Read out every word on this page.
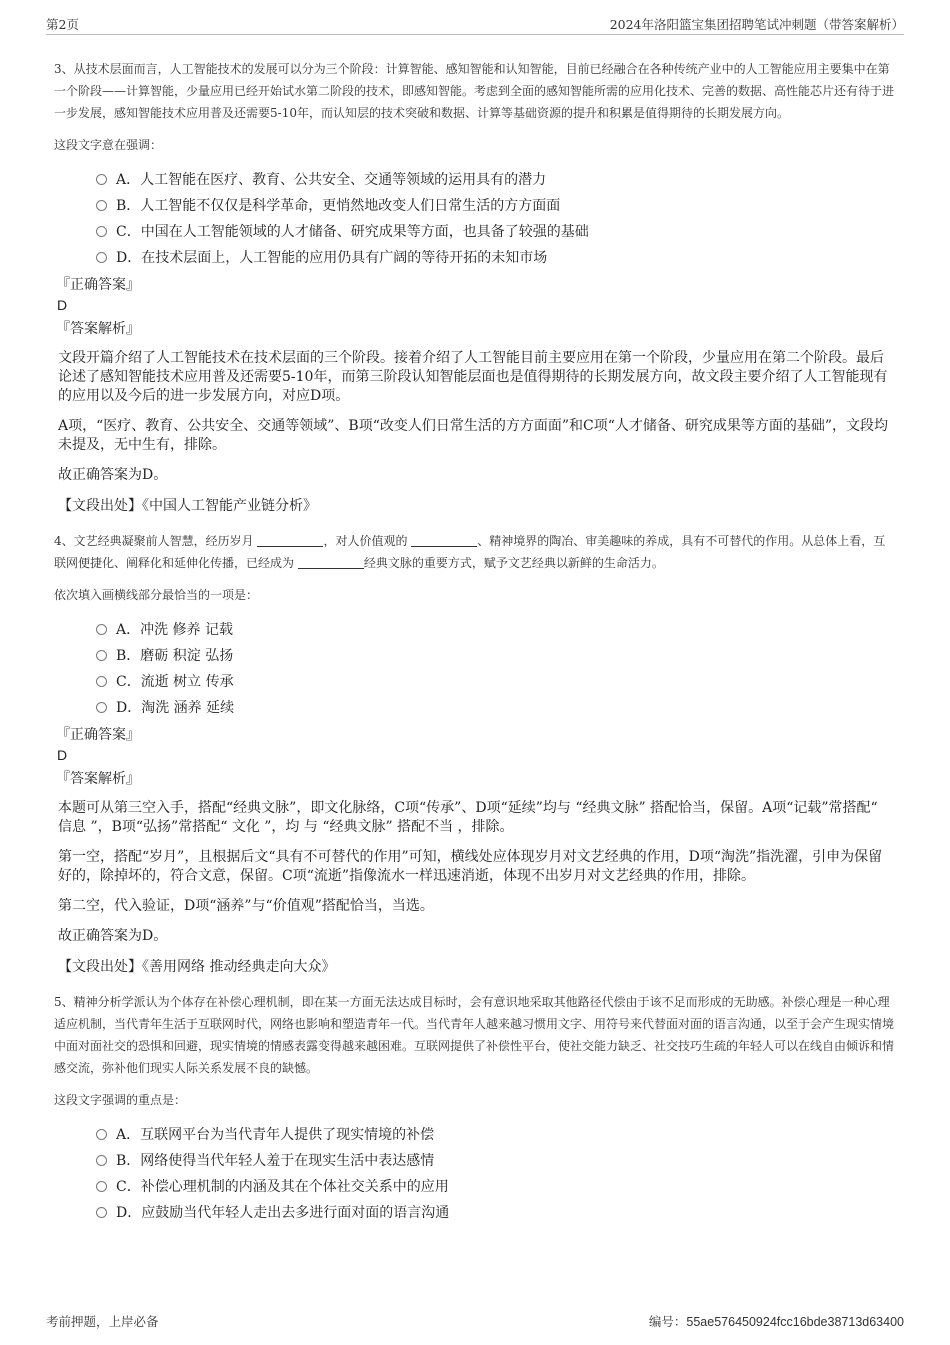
第2页	2024年洛阳篮宝集团招聘笔试冲刺题（带答案解析）

3、从技术层面而言，人工智能技术的发展可以分为三个阶段：计算智能、感知智能和认知智能，目前已经融合在各种传统产业中的人工智能应用主要集中在第一个阶段——计算智能，少量应用已经开始试水第二阶段的技术，即感知智能。考虑到全面的感知智能所需的应用化技术、完善的数据、高性能芯片还有待于进一步发展，感知智能技术应用普及还需要5-10年，而认知层的技术突破和数据、计算等基础资源的提升和积累是值得期待的长期发展方向。

这段文字意在强调：

A．人工智能在医疗、教育、公共安全、交通等领域的运用具有的潜力
B．人工智能不仅仅是科学革命，更悄然地改变人们日常生活的方方面面
C．中国在人工智能领域的人才储备、研究成果等方面，也具备了较强的基础
D．在技术层面上，人工智能的应用仍具有广阔的等待开拓的未知市场
『正确答案』
D
『答案解析』

文段开篇介绍了人工智能技术在技术层面的三个阶段。接着介绍了人工智能目前主要应用在第一个阶段，少量应用在第二个阶段。最后论述了感知智能技术应用普及还需要5-10年，而第三阶段认知智能层面也是值得期待的长期发展方向，故文段主要介绍了人工智能现有的应用以及今后的进一步发展方向，对应D项。

A项，“医疗、教育、公共安全、交通等领域”、B项“改变人们日常生活的方方面面”和C项“人才储备、研究成果等方面的基础”，文段均未提及，无中生有，排除。

故正确答案为D。

【文段出处】《中国人工智能产业链分析》

4、文艺经典凝聚前人智慧，经历岁月	，对人价值观的	、精神境界的陶冶、审美趣味的养成，具有不可替代的作用。从总体上看，互联网便捷化、阐释化和延伸化传播，已经成为	经典文脉的重要方式，赋予文艺经典以新鲜的生命活力。

依次填入画横线部分最恰当的一项是：

A．冲洗 修养 记载
B．磨砺 积淀 弘扬
C．流逝 树立 传承
D．淘洗 涵养 延续
『正确答案』
D
『答案解析』

本题可从第三空入手，搭配“经典文脉”，即文化脉络，C项“传承”、D项“延续”均与 “经典文脉” 搭配恰当，保留。A项“记载”常搭配“ 信息 ”，B项“弘扬”常搭配“ 文化 ”，均 与 “经典文脉” 搭配不当 ，排除。

第一空，搭配“岁月”，且根据后文“具有不可替代的作用”可知，横线处应体现岁月对文艺经典的作用，D项“淘洗”指洗濯，引申为保留好的，除掉坏的，符合文意，保留。C项“流逝”指像流水一样迅速消逝，体现不出岁月对文艺经典的作用，排除。

第二空，代入验证，D项“涵养”与“价值观”搭配恰当，当选。

故正确答案为D。

【文段出处】《善用网络 推动经典走向大众》

5、精神分析学派认为个体存在补偿心理机制，即在某一方面无法达成目标时，会有意识地采取其他路径代偿由于该不足而形成的无助感。补偿心理是一种心理适应机制，当代青年生活于互联网时代，网络也影响和塑造青年一代。当代青年人越来越习惯用文字、用符号来代替面对面的语言沟通，以至于会产生现实情境中面对面社交的恐惧和回避，现实情境的情感表露变得越来越困难。互联网提供了补偿性平台，使社交能力缺乏、社交技巧生疏的年轻人可以在线自由倾诉和情感交流，弥补他们现实人际关系发展不良的缺憾。

这段文字强调的重点是：

A．互联网平台为当代青年人提供了现实情境的补偿
B．网络使得当代年轻人羞于在现实生活中表达感情
C．补偿心理机制的内涵及其在个体社交关系中的应用
D．应鼓励当代年轻人走出去多进行面对面的语言沟通
考前押题，上岸必备	编号：55ae576450924fcc16bde38713d63400
